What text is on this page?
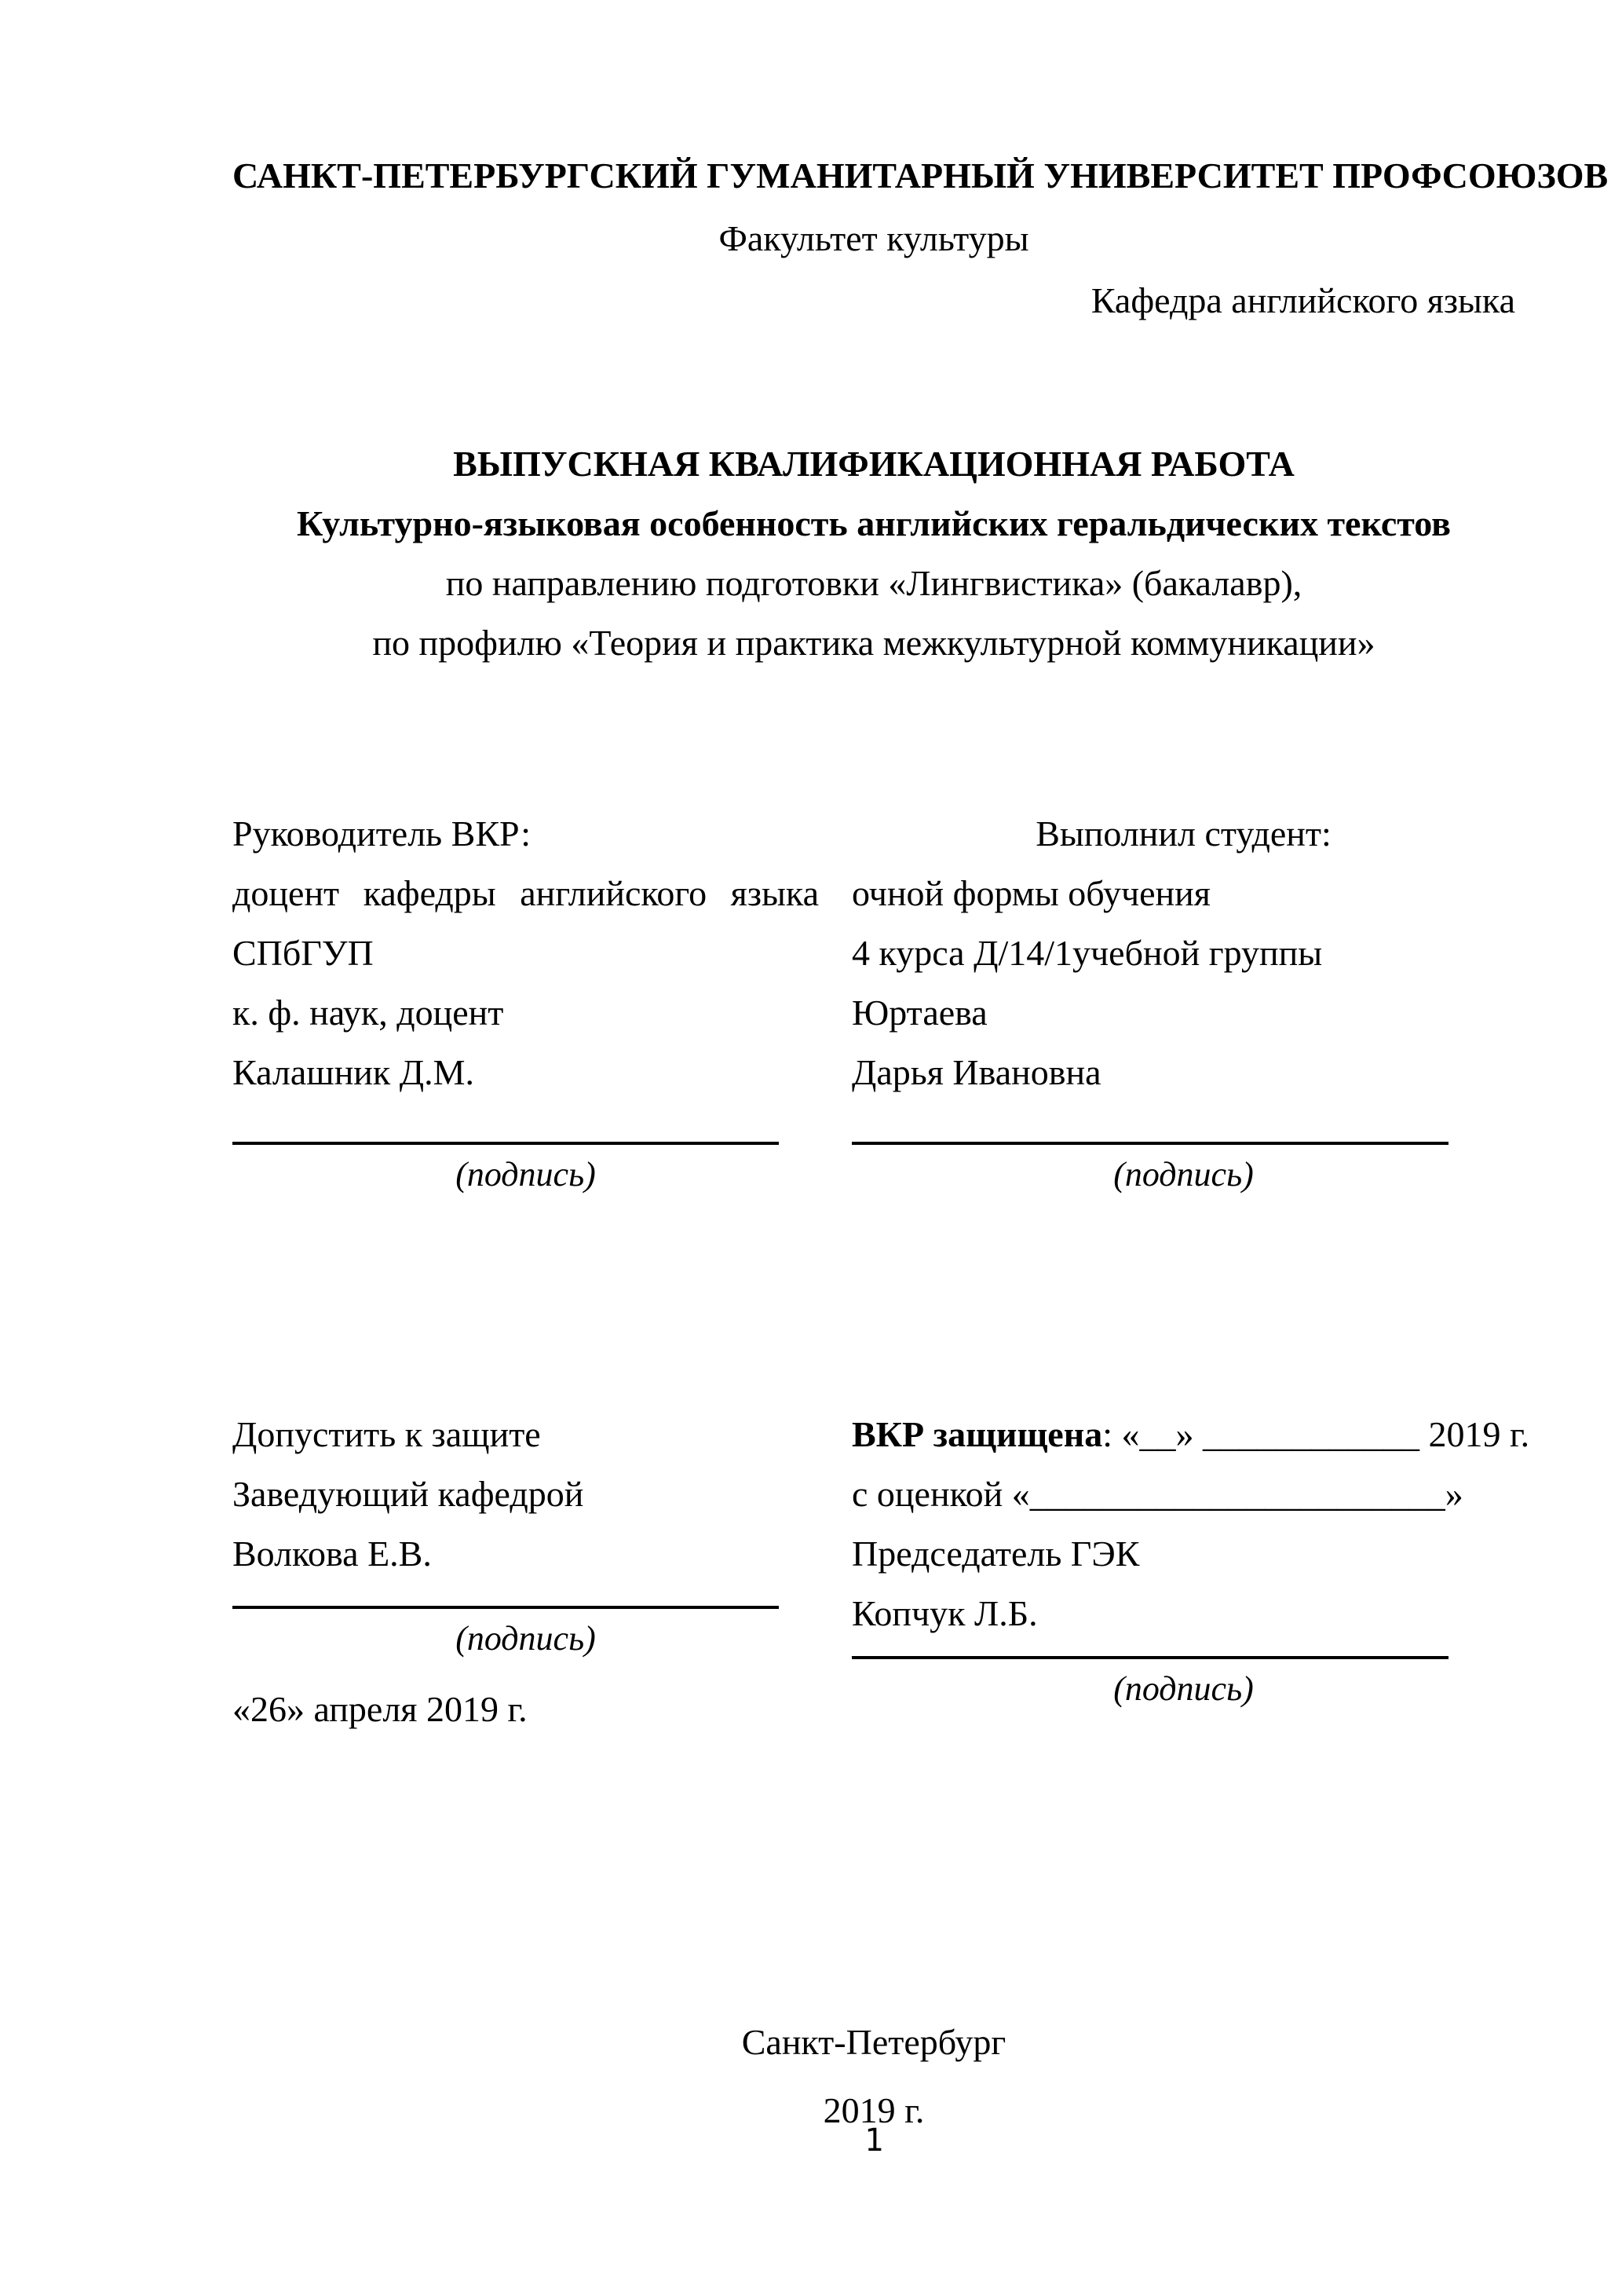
САНКТ-ПЕТЕРБУРГСКИЙ ГУМАНИТАРНЫЙ УНИВЕРСИТЕТ ПРОФСОЮЗОВ

Факультет культуры

Кафедра английского языка

ВЫПУСКНАЯ КВАЛИФИКАЦИОННАЯ РАБОТА

Культурно-языковая особенность английских геральдических текстов

по направлению подготовки «Лингвистика» (бакалавр),

по профилю «Теория и практика межкультурной коммуникации»

Руководитель ВКР:

доцент кафедры английского языка

СПбГУП

к. ф. наук, доцент

Калашник Д.М.

(подпись)

Выполнил студент:

очной формы обучения

4 курса Д/14/1учебной группы

Юртаева

Дарья Ивановна

(подпись)

Допустить к защите

Заведующий кафедрой

Волкова Е.В.

(подпись)

«26» апреля 2019 г.

ВКР защищена: «__» ____________ 2019 г.

с оценкой «_______________________»

Председатель ГЭК

Копчук Л.Б.

(подпись)

Санкт-Петербург

2019 г.

1
